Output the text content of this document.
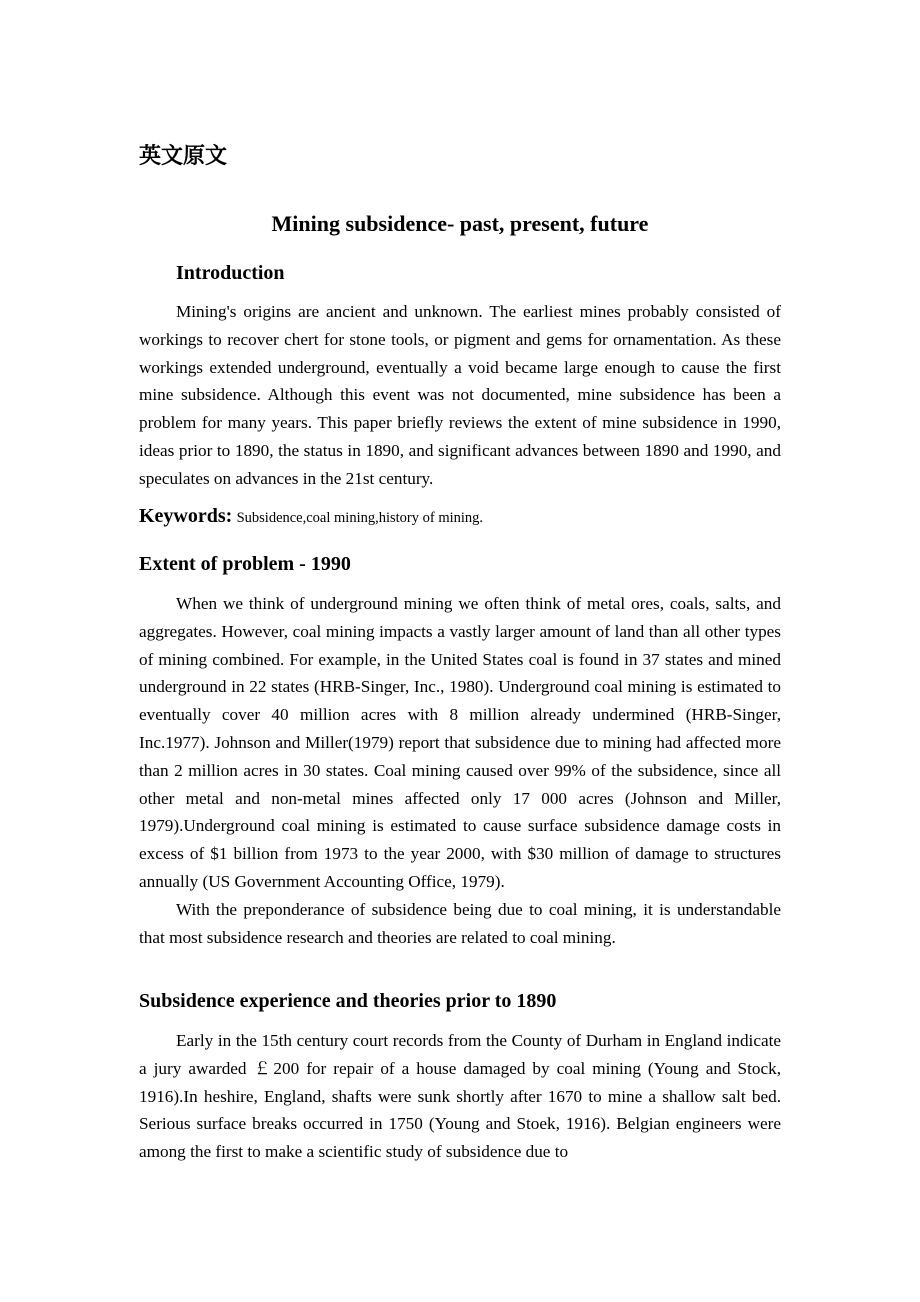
英文原文
Mining subsidence- past, present, future
Introduction

Mining's origins are ancient and unknown. The earliest mines probably consisted of workings to recover chert for stone tools, or pigment and gems for ornamentation. As these workings extended underground, eventually a void became large enough to cause the first mine subsidence. Although this event was not documented, mine subsidence has been a problem for many years. This paper briefly reviews the extent of mine subsidence in 1990, ideas prior to 1890, the status in 1890, and significant advances between 1890 and 1990, and speculates on advances in the 21st century.

Keywords: Subsidence,coal mining,history of mining.
Extent of problem - 1990

When we think of underground mining we often think of metal ores, coals, salts, and aggregates. However, coal mining impacts a vastly larger amount of land than all other types of mining combined. For example, in the United States coal is found in 37 states and mined underground in 22 states (HRB-Singer, Inc., 1980). Underground coal mining is estimated to eventually cover 40 million acres with 8 million already undermined (HRB-Singer, Inc.1977). Johnson and Miller(1979) report that subsidence due to mining had affected more than 2 million acres in 30 states. Coal mining caused over 99% of the subsidence, since all other metal and non-metal mines affected only 17 000 acres (Johnson and Miller, 1979).Underground coal mining is estimated to cause surface subsidence damage costs in excess of $1 billion from 1973 to the year 2000, with $30 million of damage to structures annually (US Government Accounting Office, 1979).

With the preponderance of subsidence being due to coal mining, it is understandable that most subsidence research and theories are related to coal mining.

Subsidence experience and theories prior to 1890

Early in the 15th century court records from the County of Durham in England indicate a jury awarded ￡200 for repair of a house damaged by coal mining (Young and Stock, 1916).In heshire, England, shafts were sunk shortly after 1670 to mine a shallow salt bed. Serious surface breaks occurred in 1750 (Young and Stoek, 1916). Belgian engineers were among the first to make a scientific study of subsidence due to
